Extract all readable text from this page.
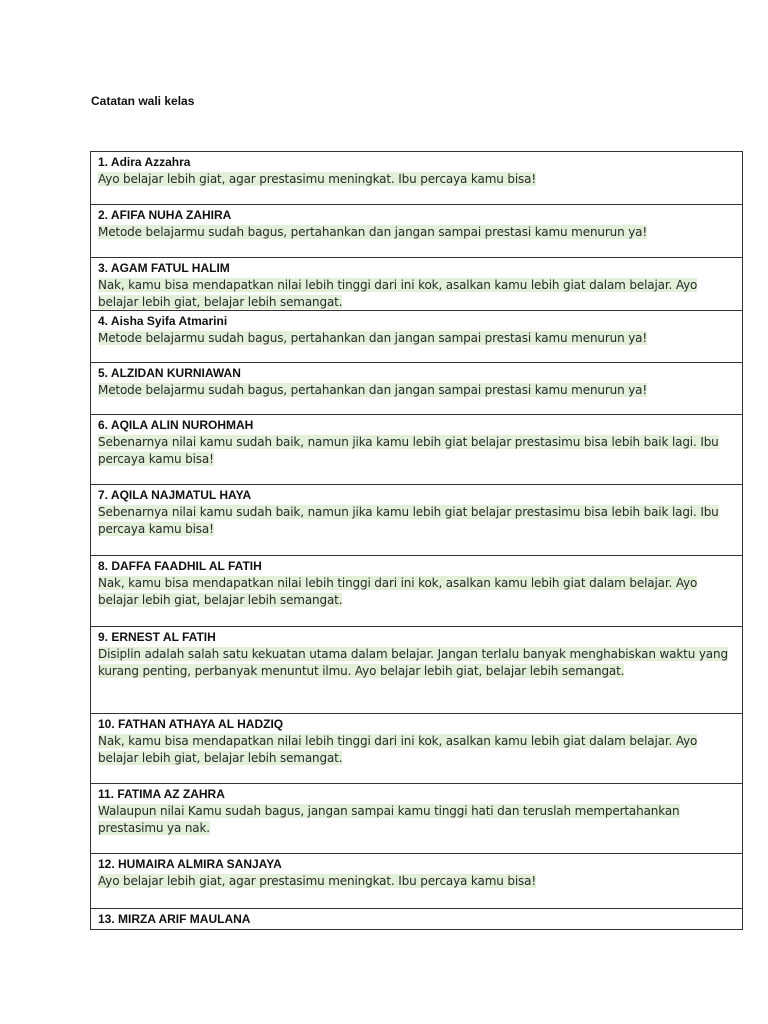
Catatan wali kelas
1. Adira Azzahra
Ayo belajar lebih giat, agar prestasimu meningkat. Ibu percaya kamu bisa!
2. AFIFA NUHA ZAHIRA
Metode belajarmu sudah bagus, pertahankan dan jangan sampai prestasi kamu menurun ya!
3. AGAM FATUL HALIM
Nak, kamu bisa mendapatkan nilai lebih tinggi dari ini kok, asalkan kamu lebih giat dalam belajar. Ayo belajar lebih giat, belajar lebih semangat.
4. Aisha Syifa Atmarini
Metode belajarmu sudah bagus, pertahankan dan jangan sampai prestasi kamu menurun ya!
5. ALZIDAN KURNIAWAN
Metode belajarmu sudah bagus, pertahankan dan jangan sampai prestasi kamu menurun ya!
6. AQILA ALIN NUROHMAH
Sebenarnya nilai kamu sudah baik, namun jika kamu lebih giat belajar prestasimu bisa lebih baik lagi. Ibu percaya kamu bisa!
7. AQILA NAJMATUL HAYA
Sebenarnya nilai kamu sudah baik, namun jika kamu lebih giat belajar prestasimu bisa lebih baik lagi. Ibu percaya kamu bisa!
8. DAFFA FAADHIL AL FATIH
Nak, kamu bisa mendapatkan nilai lebih tinggi dari ini kok, asalkan kamu lebih giat dalam belajar. Ayo belajar lebih giat, belajar lebih semangat.
9. ERNEST AL FATIH
Disiplin adalah salah satu kekuatan utama dalam belajar. Jangan terlalu banyak menghabiskan waktu yang kurang penting, perbanyak menuntut ilmu. Ayo belajar lebih giat, belajar lebih semangat.
10. FATHAN ATHAYA AL HADZIQ
Nak, kamu bisa mendapatkan nilai lebih tinggi dari ini kok, asalkan kamu lebih giat dalam belajar. Ayo belajar lebih giat, belajar lebih semangat.
11. FATIMA AZ ZAHRA
Walaupun nilai Kamu sudah bagus, jangan sampai kamu tinggi hati dan teruslah mempertahankan prestasimu ya nak.
12. HUMAIRA ALMIRA SANJAYA
Ayo belajar lebih giat, agar prestasimu meningkat. Ibu percaya kamu bisa!
13. MIRZA ARIF MAULANA
